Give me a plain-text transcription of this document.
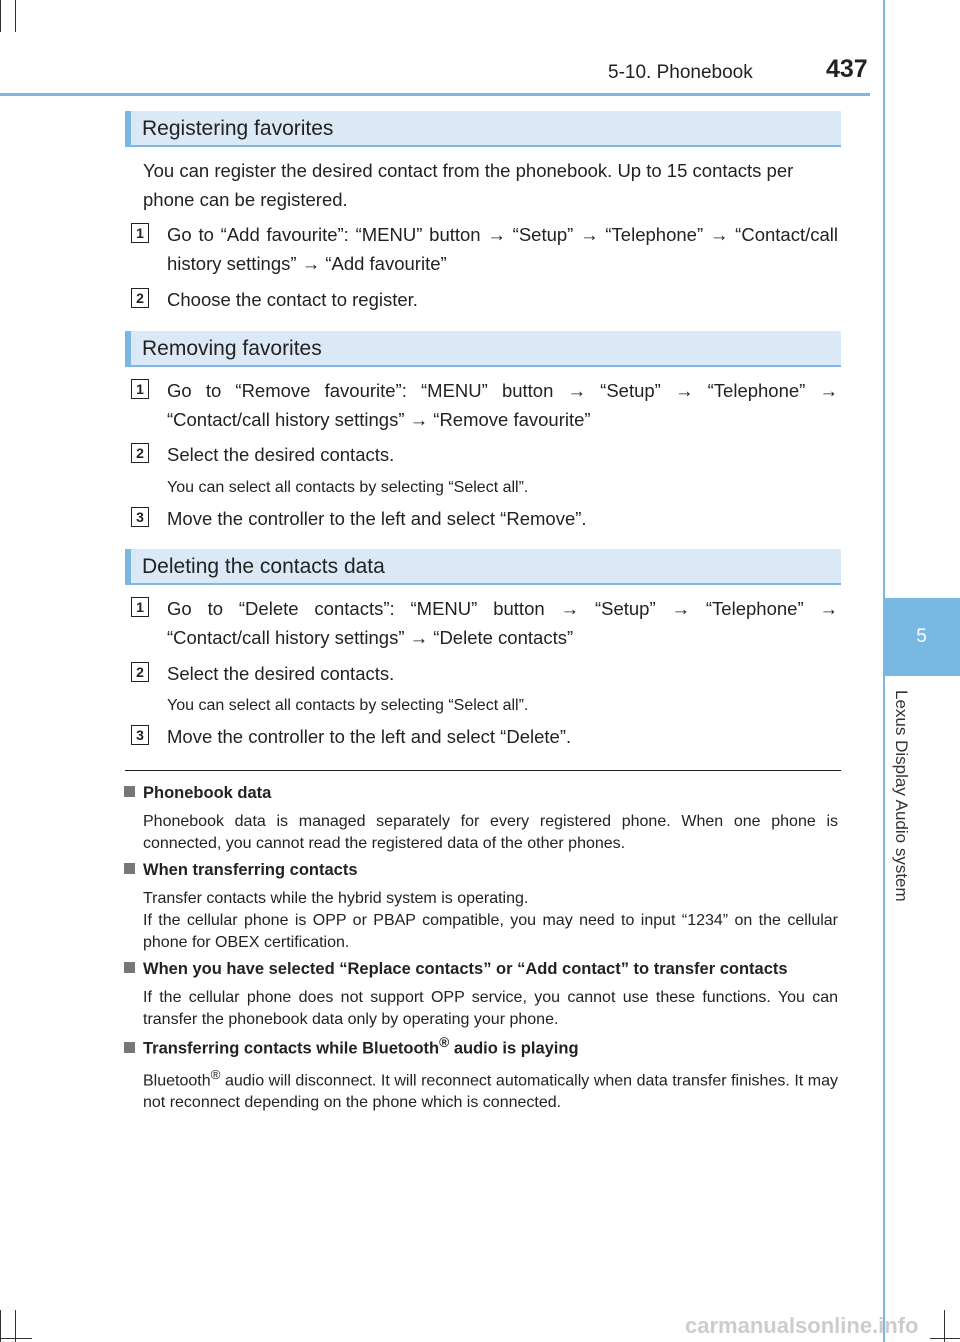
5-10. Phonebook	437
5
Lexus Display Audio system
Registering favorites
You can register the desired contact from the phonebook. Up to 15 contacts per phone can be registered.
1 Go to “Add favourite”: “MENU” button → “Setup” → “Telephone” → “Contact/call history settings” → “Add favourite”
2 Choose the contact to register.
Removing favorites
1 Go to “Remove favourite”: “MENU” button → “Setup” → “Telephone” → “Contact/call history settings” → “Remove favourite”
2 Select the desired contacts.
You can select all contacts by selecting “Select all”.
3 Move the controller to the left and select “Remove”.
Deleting the contacts data
1 Go to “Delete contacts”: “MENU” button → “Setup” → “Telephone” → “Contact/call history settings” → “Delete contacts”
2 Select the desired contacts.
You can select all contacts by selecting “Select all”.
3 Move the controller to the left and select “Delete”.
Phonebook data
Phonebook data is managed separately for every registered phone. When one phone is connected, you cannot read the registered data of the other phones.
When transferring contacts
Transfer contacts while the hybrid system is operating.
If the cellular phone is OPP or PBAP compatible, you may need to input “1234” on the cellular phone for OBEX certification.
When you have selected “Replace contacts” or “Add contact” to transfer contacts
If the cellular phone does not support OPP service, you cannot use these functions. You can transfer the phonebook data only by operating your phone.
Transferring contacts while Bluetooth® audio is playing
Bluetooth® audio will disconnect. It will reconnect automatically when data transfer finishes. It may not reconnect depending on the phone which is connected.
carmanualsonline.info
